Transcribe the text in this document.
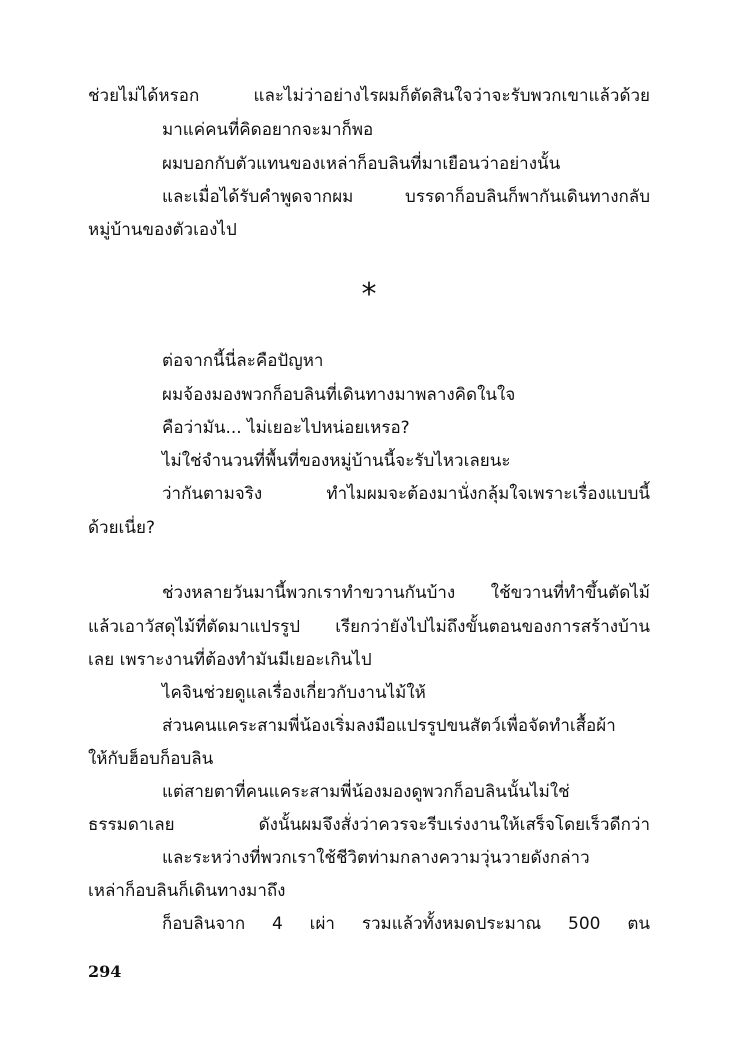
ช่วยไม่ได้หรอก และไม่ว่าอย่างไรผมก็ตัดสินใจว่าจะรับพวกเขาแล้วด้วย
มาแค่คนที่คิดอยากจะมาก็พอ
ผมบอกกับตัวแทนของเหล่าก็อบลินที่มาเยือนว่าอย่างนั้น
และเมื่อได้รับคำพูดจากผม บรรดาก็อบลินก็พากันเดินทางกลับ
หมู่บ้านของตัวเองไป
*
ต่อจากนี้นี่ละคือปัญหา
ผมจ้องมองพวกก็อบลินที่เดินทางมาพลางคิดในใจ
คือว่ามัน... ไม่เยอะไปหน่อยเหรอ?
ไม่ใช่จำนวนที่พื้นที่ของหมู่บ้านนี้จะรับไหวเลยนะ
ว่ากันตามจริง ทำไมผมจะต้องมานั่งกลุ้มใจเพราะเรื่องแบบนี้
ด้วยเนี่ย?
ช่วงหลายวันมานี้พวกเราทำขวานกันบ้าง ใช้ขวานที่ทำขึ้นตัดไม้
แล้วเอาวัสดุไม้ที่ตัดมาแปรรูป เรียกว่ายังไปไม่ถึงขั้นตอนของการสร้างบ้าน
เลย เพราะงานที่ต้องทำมันมีเยอะเกินไป
ไคจินช่วยดูแลเรื่องเกี่ยวกับงานไม้ให้
ส่วนคนแคระสามพี่น้องเริ่มลงมือแปรรูปขนสัตว์เพื่อจัดทำเสื้อผ้า
ให้กับฮ็อบก็อบลิน
แต่สายตาที่คนแคระสามพี่น้องมองดูพวกก็อบลินนั้นไม่ใช่
ธรรมดาเลย ดังนั้นผมจึงสั่งว่าควรจะรีบเร่งงานให้เสร็จโดยเร็วดีกว่า
และระหว่างที่พวกเราใช้ชีวิตท่ามกลางความวุ่นวายดังกล่าว
เหล่าก็อบลินก็เดินทางมาถึง
ก็อบลินจาก 4 เผ่า รวมแล้วทั้งหมดประมาณ 500 ตน
294
